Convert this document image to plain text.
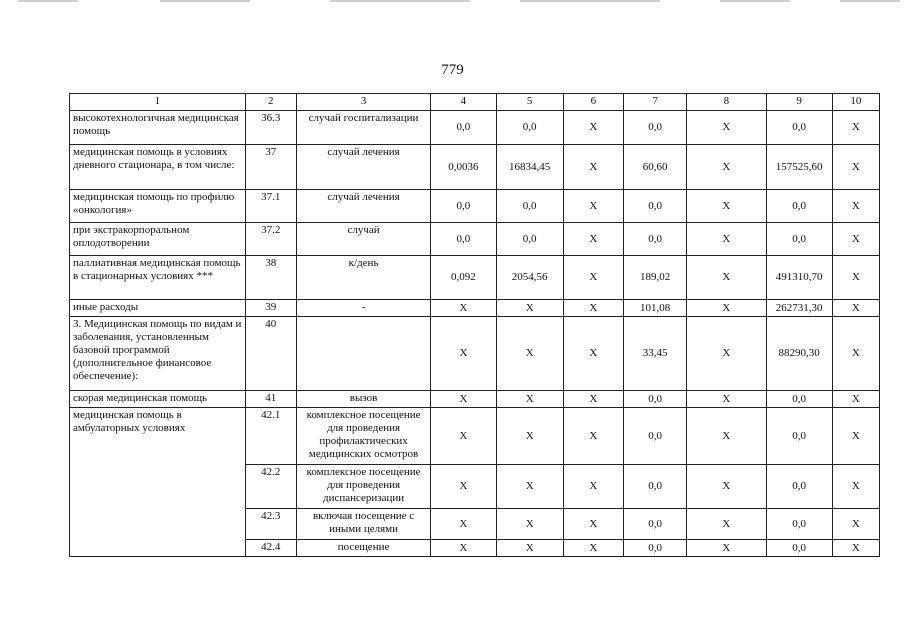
779
1	2	3	4	5	6	7	8	9	10
высокотехнологичная медицинская помощь	36.3	случай госпитализации	0,0	0,0	Х	0,0	Х	0,0	Х
медицинская помощь в условиях дневного стационара, в том числе:	37	случай лечения	0,0036	16834,45	Х	60,60	Х	157525,60	Х
медицинская помощь по профилю «онкология»	37.1	случай лечения	0,0	0,0	Х	0,0	Х	0,0	Х
при экстракорпоральном оплодотворении	37.2	случай	0,0	0,0	Х	0,0	Х	0,0	Х
паллиативная медицинская помощь в стационарных условиях ***	38	к/день	0,092	2054,56	Х	189,02	Х	491310,70	Х
иные расходы	39	-	Х	Х	Х	101,08	Х	262731,30	Х
3. Медицинская помощь по видам и заболевания, установленным базовой программой (дополнительное финансовое обеспечение):	40		Х	Х	Х	33,45	Х	88290,30	Х
скорая медицинская помощь	41	вызов	Х	Х	Х	0,0	Х	0,0	Х
медицинская помощь в амбулаторных условиях	42.1	комплексное посещение для проведения профилактических медицинских осмотров	Х	Х	Х	0,0	Х	0,0	Х
	42.2	комплексное посещение для проведения диспансеризации	Х	Х	Х	0,0	Х	0,0	Х
	42.3	включая посещение с иными целями	Х	Х	Х	0,0	Х	0,0	Х
	42.4	посещение	Х	Х	Х	0,0	Х	0,0	Х
